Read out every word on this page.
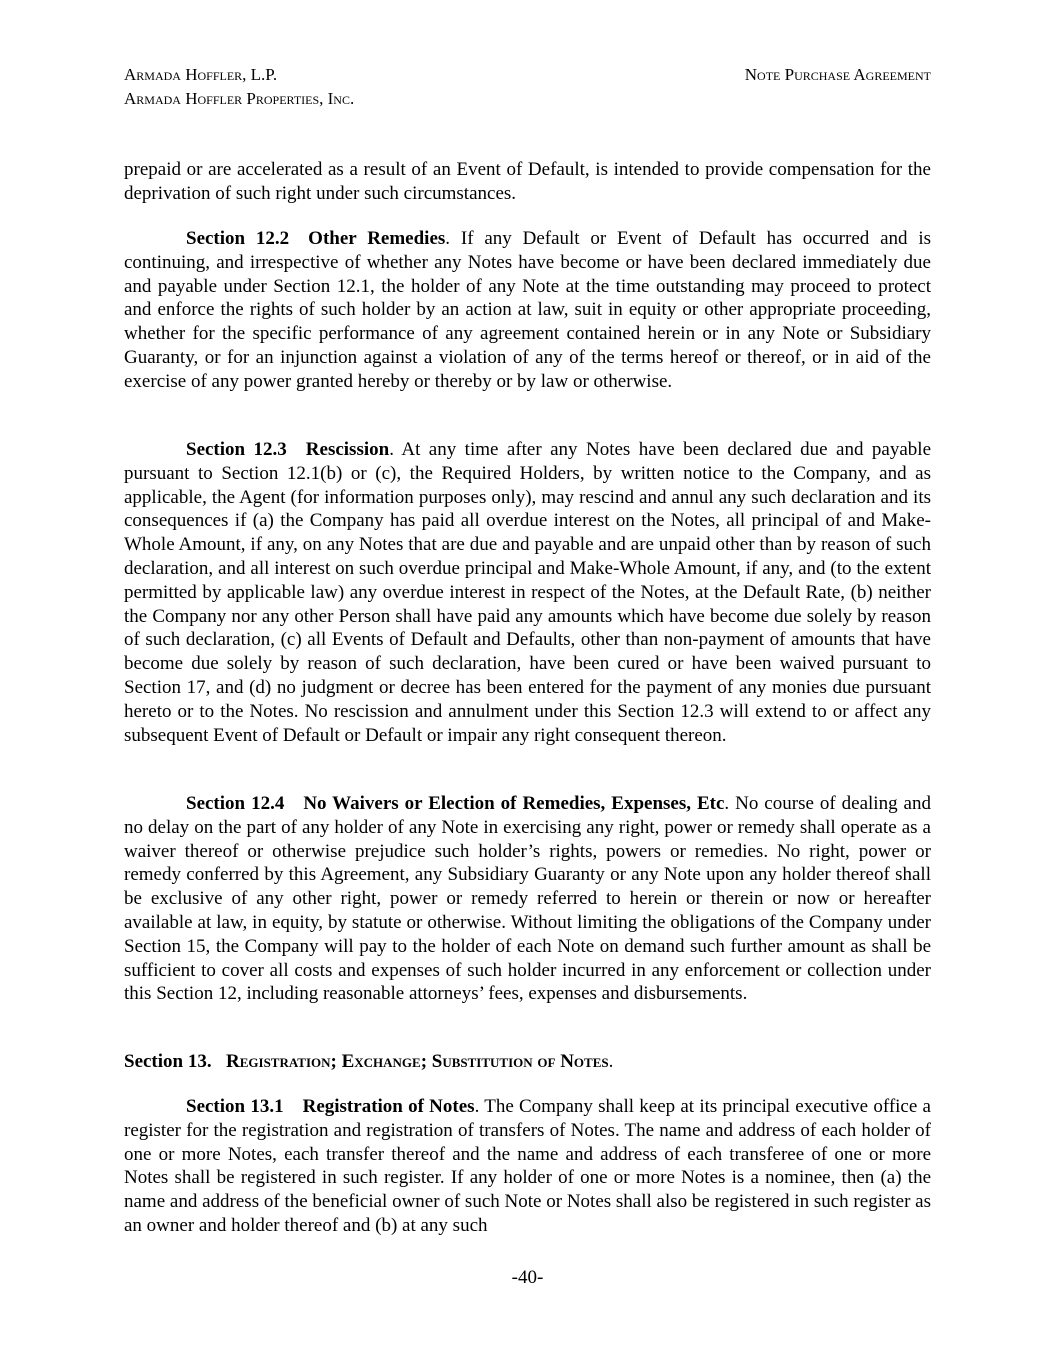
Armada Hoffler, L.P.
Armada Hoffler Properties, Inc.
Note Purchase Agreement
prepaid or are accelerated as a result of an Event of Default, is intended to provide compensation for the deprivation of such right under such circumstances.
Section 12.2 Other Remedies. If any Default or Event of Default has occurred and is continuing, and irrespective of whether any Notes have become or have been declared immediately due and payable under Section 12.1, the holder of any Note at the time outstanding may proceed to protect and enforce the rights of such holder by an action at law, suit in equity or other appropriate proceeding, whether for the specific performance of any agreement contained herein or in any Note or Subsidiary Guaranty, or for an injunction against a violation of any of the terms hereof or thereof, or in aid of the exercise of any power granted hereby or thereby or by law or otherwise.
Section 12.3 Rescission. At any time after any Notes have been declared due and payable pursuant to Section 12.1(b) or (c), the Required Holders, by written notice to the Company, and as applicable, the Agent (for information purposes only), may rescind and annul any such declaration and its consequences if (a) the Company has paid all overdue interest on the Notes, all principal of and Make-Whole Amount, if any, on any Notes that are due and payable and are unpaid other than by reason of such declaration, and all interest on such overdue principal and Make-Whole Amount, if any, and (to the extent permitted by applicable law) any overdue interest in respect of the Notes, at the Default Rate, (b) neither the Company nor any other Person shall have paid any amounts which have become due solely by reason of such declaration, (c) all Events of Default and Defaults, other than non-payment of amounts that have become due solely by reason of such declaration, have been cured or have been waived pursuant to Section 17, and (d) no judgment or decree has been entered for the payment of any monies due pursuant hereto or to the Notes. No rescission and annulment under this Section 12.3 will extend to or affect any subsequent Event of Default or Default or impair any right consequent thereon.
Section 12.4 No Waivers or Election of Remedies, Expenses, Etc. No course of dealing and no delay on the part of any holder of any Note in exercising any right, power or remedy shall operate as a waiver thereof or otherwise prejudice such holder’s rights, powers or remedies. No right, power or remedy conferred by this Agreement, any Subsidiary Guaranty or any Note upon any holder thereof shall be exclusive of any other right, power or remedy referred to herein or therein or now or hereafter available at law, in equity, by statute or otherwise. Without limiting the obligations of the Company under Section 15, the Company will pay to the holder of each Note on demand such further amount as shall be sufficient to cover all costs and expenses of such holder incurred in any enforcement or collection under this Section 12, including reasonable attorneys’ fees, expenses and disbursements.
Section 13. Registration; Exchange; Substitution of Notes.
Section 13.1 Registration of Notes. The Company shall keep at its principal executive office a register for the registration and registration of transfers of Notes. The name and address of each holder of one or more Notes, each transfer thereof and the name and address of each transferee of one or more Notes shall be registered in such register. If any holder of one or more Notes is a nominee, then (a) the name and address of the beneficial owner of such Note or Notes shall also be registered in such register as an owner and holder thereof and (b) at any such
-40-
